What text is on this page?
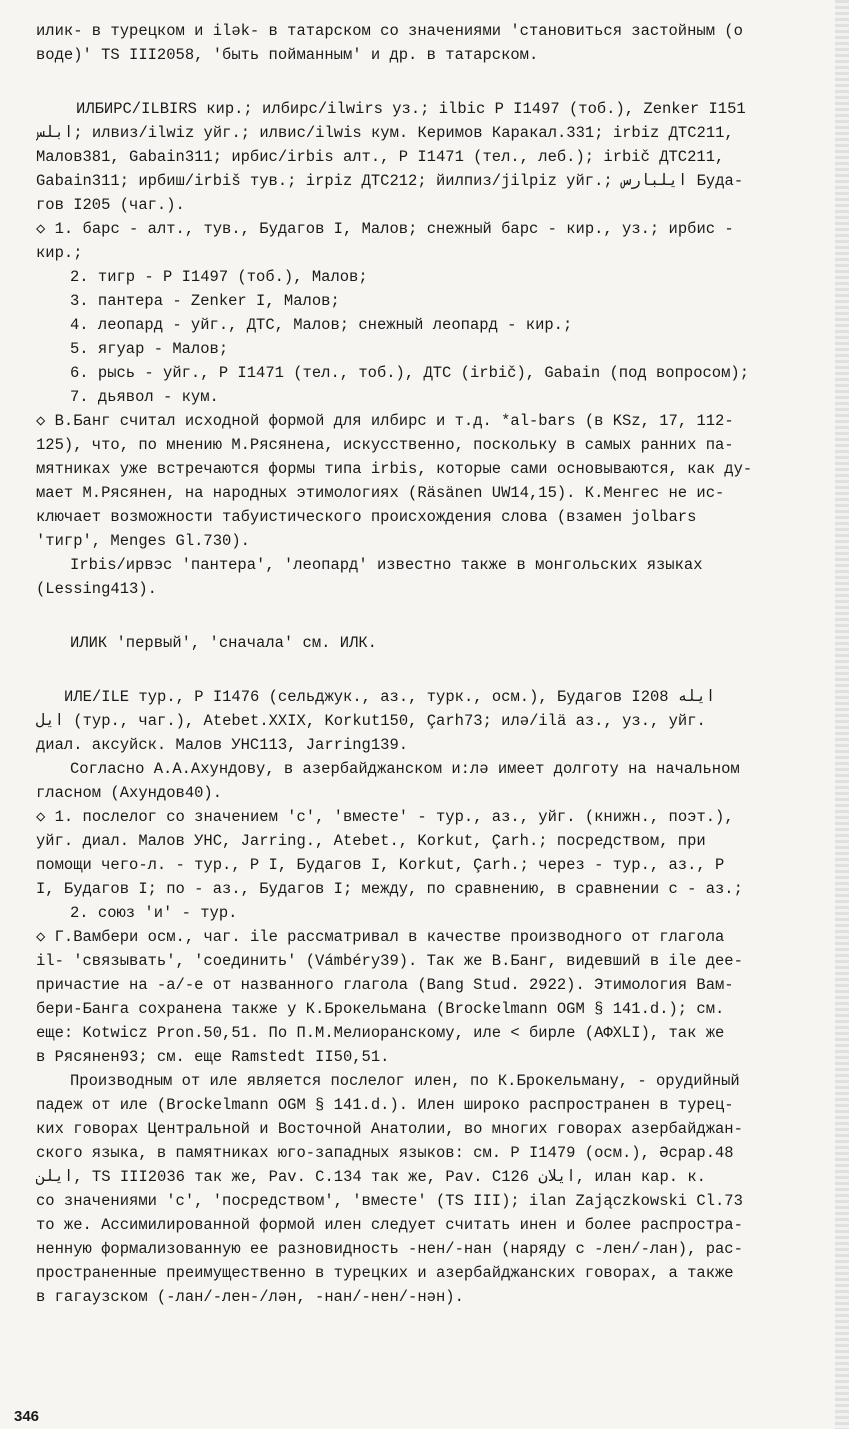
илик- в турецком и ilək- в татарском со значениями 'становиться застойным (о
воде)' TS III2058, 'быть пойманным' и др. в татарском.
ИЛБИРС/ILBIRS кир.; илбирс/ilwirs уз.; ilbic Р I1497 (тоб.), Zenker I151
ابلس; илвиз/ilwiz уйг.; илвис/ilwis кум. Керимов Каракал.331; irbiz ДТС211,
Малов381, Gabain311; ирбис/irbis алт., Р I1471 (тел., леб.); irbič ДТС211,
Gabain311; ирбиш/irbiš тув.; irpiz ДТС212; йилпиз/jilpiz уйг.; ايلبارس Буда-
гов I205 (чаг.).
◇ 1. барс - алт., тув., Будагов I, Малов; снежный барс - кир., уз.; ирбис -
кир.;
2. тигр - Р I1497 (тоб.), Малов;
3. пантера - Zenker I, Малов;
4. леопард - уйг., ДТС, Малов; снежный леопард - кир.;
5. ягуар - Малов;
6. рысь - уйг., Р I1471 (тел., тоб.), ДТС (irbič), Gabain (под вопросом);
7. дьявол - кум.
◇ В.Банг считал исходной формой для илбирс и т.д. *al-bars (в KSz, 17, 112-
125), что, по мнению М.Рясянена, искусственно, поскольку в самых ранних па-
мятниках уже встречаются формы типа irbis, которые сами основываются, как ду-
мает М.Рясянен, на народных этимологиях (Räsänen UW14,15). К.Менгес не ис-
ключает возможности табуистического происхождения слова (взамен jolbars
'тигр', Menges Gl.730).
Irbis/ирвэс 'пантера', 'леопард' известно также в монгольских языках
(Lessing413).
ИЛИК 'первый', 'сначала' см. ИЛК.
ИЛЕ/ILE тур., Р I1476 (сельджук., аз., турк., осм.), Будагов I208 ايله
ايل (тур., чаг.), Atebet.XXIX, Korkut150, Çarh73; илə/ilä аз., уз., уйг.
диал. аксуйск. Малов УНС113, Jarring139.
Согласно А.А.Ахундову, в азербайджанском и:лə имеет долготу на начальном
гласном (Ахундов40).
◇ 1. послелог со значением 'с', 'вместе' - тур., аз., уйг. (книжн., поэт.),
уйг. диал. Малов УНС, Jarring., Atebet., Korkut, Çarh.; посредством, при
помощи чего-л. - тур., Р I, Будагов I, Korkut, Çarh.; через - тур., аз., Р
I, Будагов I; по - аз., Будагов I; между, по сравнению, в сравнении с - аз.;
2. союз 'и' - тур.
◇ Г.Вамбери осм., чаг. ile рассматривал в качестве производного от глагола
il- 'связывать', 'соединить' (Vámbéry39). Так же В.Банг, видевший в ile дее-
причастие на -а/-е от названного глагола (Bang Stud. 2922). Этимология Вам-
бери-Банга сохранена также у К.Брокельмана (Brockelmann OGM § 141.d.); см.
еще: Kotwicz Pron.50,51. По П.М.Мелиоранскому, иле < бирле (АФXLI), так же
в Рясянен93; см. еще Ramstedt II50,51.
Производным от иле является послелог илен, по К.Брокельману, - орудийный
падеж от иле (Brockelmann OGM § 141.d.). Илен широко распространен в турец-
ких говорах Центральной и Восточной Анатолии, во многих говорах азербайджан-
ского языка, в памятниках юго-западных языков: см. Р I1479 (осм.), Əсрар.48
ايلن, TS III2036 так же, Pav. C.134 так же, Pav. C126 ايلان, илан кар. к.
со значениями 'с', 'посредством', 'вместе' (TS III); ilan Zajączkowski Cl.73
то же. Ассимилированной формой илен следует считать инен и более распростра-
ненную формализованную ее разновидность -нен/-нан (наряду с -лен/-лан), рас-
пространенные преимущественно в турецких и азербайджанских говорах, а также
в гагаузском (-лан/-лен-/лəн, -нан/-нен/-нəн).
346
